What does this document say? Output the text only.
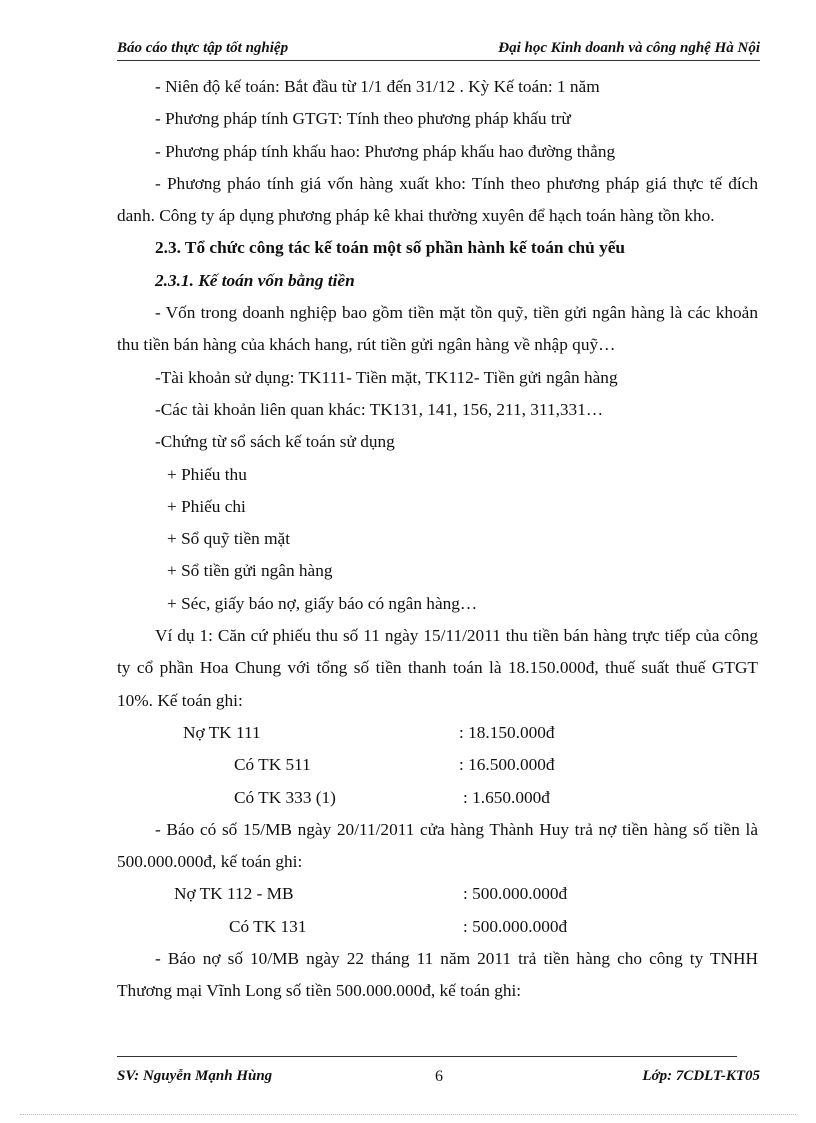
Báo cáo thực tập tốt nghiệp	Đại học Kinh doanh và công nghệ Hà Nội

- Niên độ kế toán: Bắt đầu từ 1/1 đến 31/12 . Kỳ Kế toán: 1 năm

- Phương pháp tính GTGT: Tính theo phương pháp khấu trừ

- Phương pháp tính khấu hao: Phương pháp khấu hao đường thẳng

- Phương pháo tính giá vốn hàng xuất kho: Tính theo phương pháp giá thực tế đích danh. Công ty áp dụng phương pháp kê khai thường xuyên để hạch toán hàng tồn kho.

2.3. Tổ chức công tác kế toán một số phần hành kế toán chủ yếu

2.3.1. Kế toán vốn bằng tiền

- Vốn trong doanh nghiệp bao gồm tiền mặt tồn quỹ, tiền gửi ngân hàng là các khoản thu tiền bán hàng của khách hang, rút tiền gửi ngân hàng về nhập quỹ…

-Tài khoản sử dụng: TK111- Tiền mặt, TK112- Tiền gửi ngân hàng

-Các tài khoản liên quan khác: TK131, 141, 156, 211, 311,331…

-Chứng từ sổ sách kế toán sử dụng

+ Phiếu thu

+ Phiếu chi

+ Sổ quỹ tiền mặt

+ Sổ tiền gửi ngân hàng

+ Séc, giấy báo nợ, giấy báo có ngân hàng…

Ví dụ 1: Căn cứ phiếu thu số 11 ngày 15/11/2011 thu tiền bán hàng trực tiếp của công ty cổ phần Hoa Chung với tổng số tiền thanh toán là 18.150.000đ, thuế suất thuế GTGT 10%. Kế toán ghi:

Nợ TK 111	: 18.150.000đ
Có TK 511	: 16.500.000đ
Có TK 333 (1)	: 1.650.000đ

- Báo có số 15/MB ngày 20/11/2011 cửa hàng Thành Huy trả nợ tiền hàng số tiền là 500.000.000đ, kế toán ghi:

Nợ TK 112 - MB	: 500.000.000đ
Có TK 131	: 500.000.000đ

- Báo nợ số 10/MB ngày 22 tháng 11 năm 2011 trả tiền hàng cho công ty TNHH Thương mại Vĩnh Long số tiền 500.000.000đ, kế toán ghi:

SV: Nguyễn Mạnh Hùng	6	Lớp: 7CDLT-KT05
